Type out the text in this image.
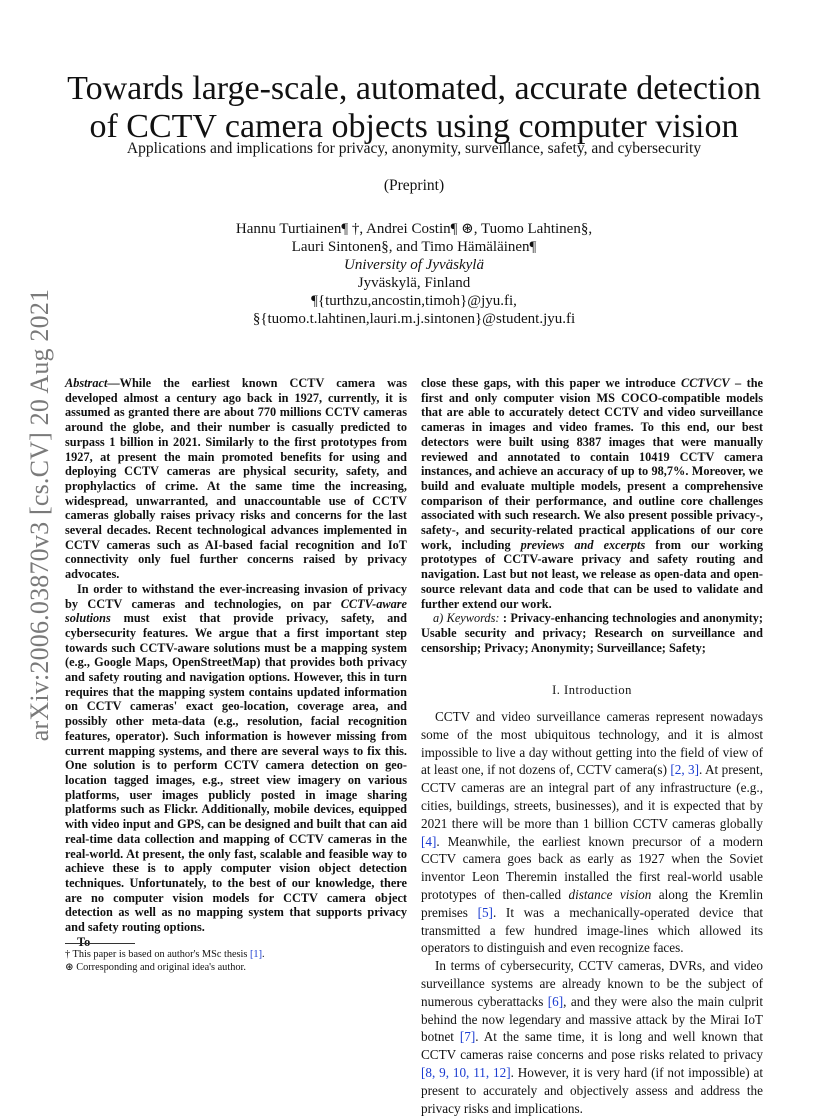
arXiv:2006.03870v3 [cs.CV] 20 Aug 2021
Towards large-scale, automated, accurate detection
of CCTV camera objects using computer vision
Applications and implications for privacy, anonymity, surveillance, safety, and cybersecurity
(Preprint)
Hannu Turtiainen¶ †, Andrei Costin¶ ⊛, Tuomo Lahtinen§,
Lauri Sintonen§, and Timo Hämäläinen¶
University of Jyväskylä
Jyväskylä, Finland
¶{turthzu,ancostin,timoh}@jyu.fi,
§{tuomo.t.lahtinen,lauri.m.j.sintonen}@student.jyu.fi

Abstract—While the earliest known CCTV camera was developed almost a century ago back in 1927, currently, it is assumed as granted there are about 770 millions CCTV cameras around the globe, and their number is casually predicted to surpass 1 billion in 2021. Similarly to the first prototypes from 1927, at present the main promoted benefits for using and deploying CCTV cameras are physical security, safety, and prophylactics of crime. At the same time the increasing, widespread, unwarranted, and unaccountable use of CCTV cameras globally raises privacy risks and concerns for the last several decades. Recent technological advances implemented in CCTV cameras such as AI-based facial recognition and IoT connectivity only fuel further concerns raised by privacy advocates.

In order to withstand the ever-increasing invasion of privacy by CCTV cameras and technologies, on par CCTV-aware solutions must exist that provide privacy, safety, and cybersecurity features. We argue that a first important step towards such CCTV-aware solutions must be a mapping system (e.g., Google Maps, OpenStreetMap) that provides both privacy and safety routing and navigation options. However, this in turn requires that the mapping system contains updated information on CCTV cameras' exact geo-location, coverage area, and possibly other meta-data (e.g., resolution, facial recognition features, operator). Such information is however missing from current mapping systems, and there are several ways to fix this. One solution is to perform CCTV camera detection on geo-location tagged images, e.g., street view imagery on various platforms, user images publicly posted in image sharing platforms such as Flickr. Additionally, mobile devices, equipped with video input and GPS, can be designed and built that can aid real-time data collection and mapping of CCTV cameras in the real-world. At present, the only fast, scalable and feasible way to achieve these is to apply computer vision object detection techniques. Unfortunately, to the best of our knowledge, there are no computer vision models for CCTV camera object detection as well as no mapping system that supports privacy and safety routing options.

To

† This paper is based on author's MSc thesis [1].
⊛ Corresponding and original idea's author.

close these gaps, with this paper we introduce CCTVCV – the first and only computer vision MS COCO-compatible models that are able to accurately detect CCTV and video surveillance cameras in images and video frames. To this end, our best detectors were built using 8387 images that were manually reviewed and annotated to contain 10419 CCTV camera instances, and achieve an accuracy of up to 98,7%. Moreover, we build and evaluate multiple models, present a comprehensive comparison of their performance, and outline core challenges associated with such research. We also present possible privacy-, safety-, and security-related practical applications of our core work, including previews and excerpts from our working prototypes of CCTV-aware privacy and safety routing and navigation. Last but not least, we release as open-data and open-source relevant data and code that can be used to validate and further extend our work.

a) Keywords: : Privacy-enhancing technologies and anonymity; Usable security and privacy; Research on surveillance and censorship; Privacy; Anonymity; Surveillance; Safety;

I. Introduction

CCTV and video surveillance cameras represent nowadays some of the most ubiquitous technology, and it is almost impossible to live a day without getting into the field of view of at least one, if not dozens of, CCTV camera(s) [2, 3]. At present, CCTV cameras are an integral part of any infrastructure (e.g., cities, buildings, streets, businesses), and it is expected that by 2021 there will be more than 1 billion CCTV cameras globally [4]. Meanwhile, the earliest known precursor of a modern CCTV camera goes back as early as 1927 when the Soviet inventor Leon Theremin installed the first real-world usable prototypes of then-called distance vision along the Kremlin premises [5]. It was a mechanically-operated device that transmitted a few hundred image-lines which allowed its operators to distinguish and even recognize faces.

In terms of cybersecurity, CCTV cameras, DVRs, and video surveillance systems are already known to be the subject of numerous cyberattacks [6], and they were also the main culprit behind the now legendary and massive attack by the Mirai IoT botnet [7]. At the same time, it is long and well known that CCTV cameras raise concerns and pose risks related to privacy [8, 9, 10, 11, 12]. However, it is very hard (if not impossible) at present to accurately and objectively assess and address the privacy risks and implications.
